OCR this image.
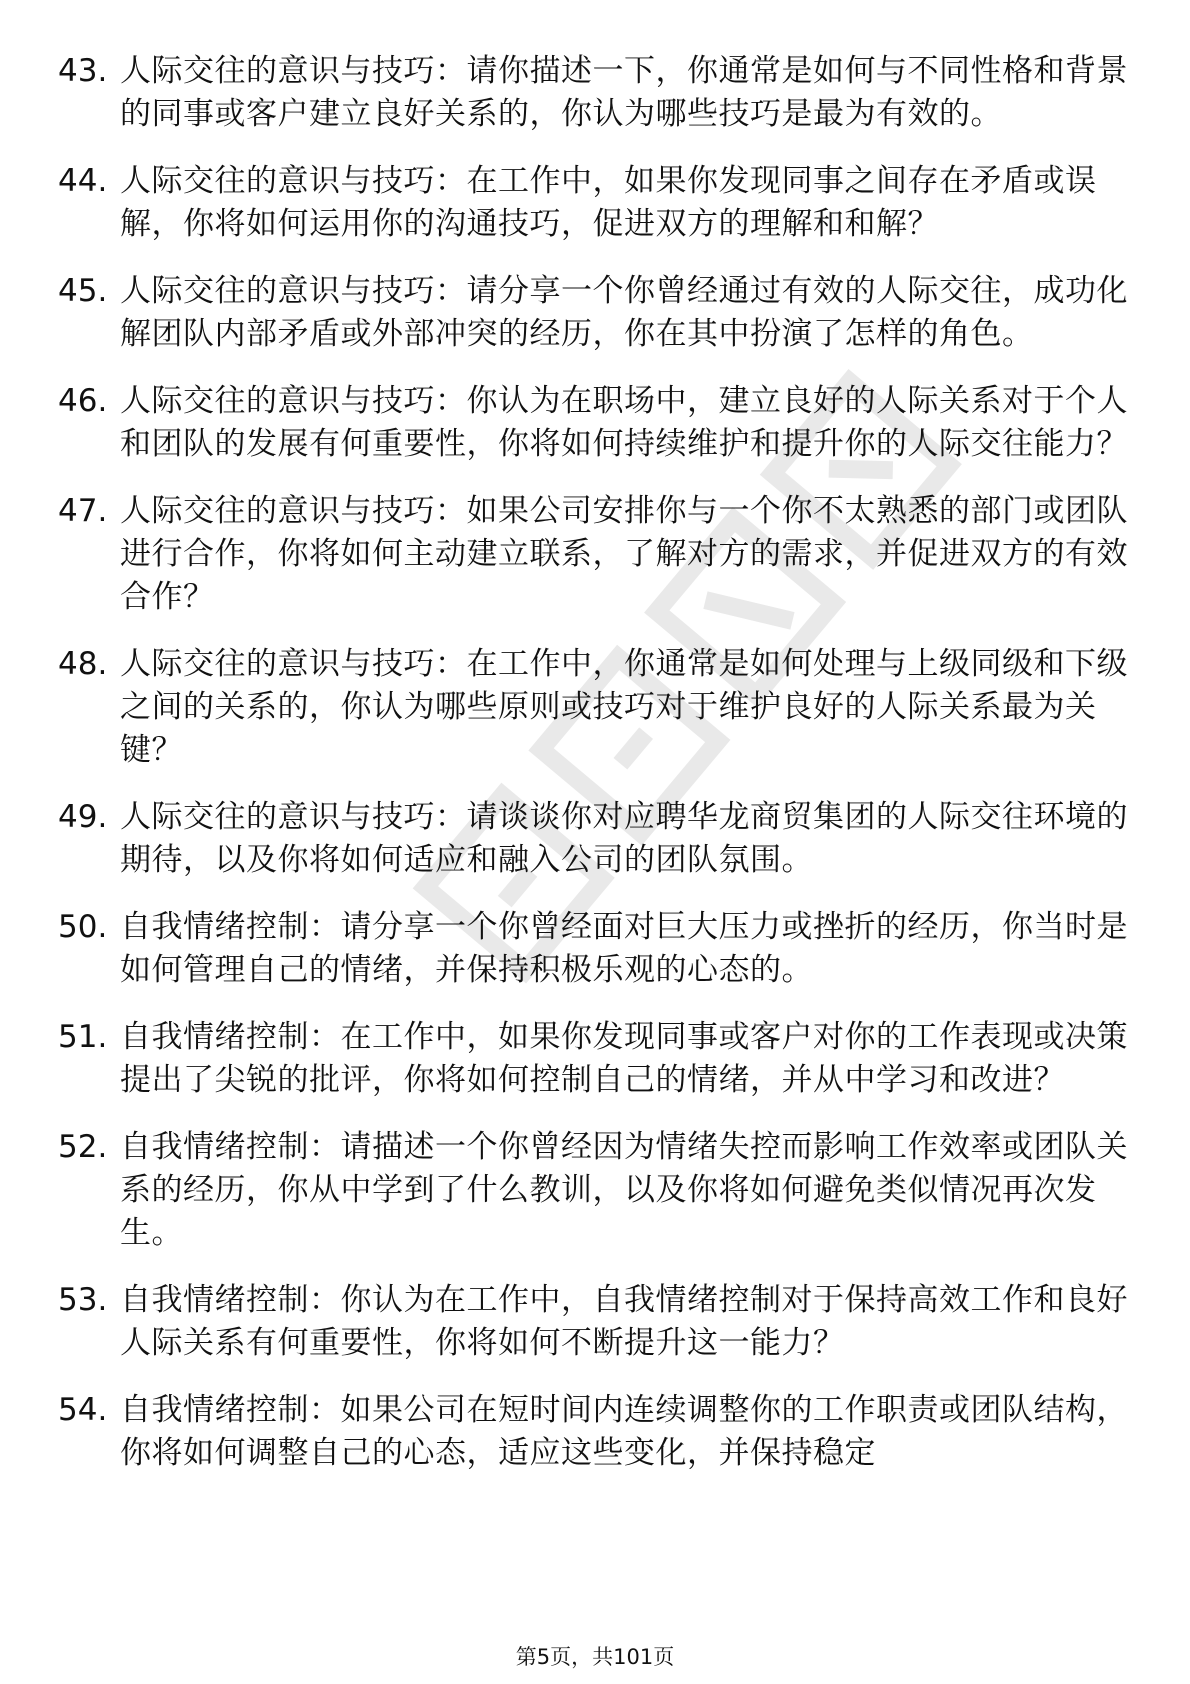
43. 人际交往的意识与技巧：请你描述一下，你通常是如何与不同性格和背景的同事或客户建立良好关系的，你认为哪些技巧是最为有效的。
44. 人际交往的意识与技巧：在工作中，如果你发现同事之间存在矛盾或误解，你将如何运用你的沟通技巧，促进双方的理解和和解？
45. 人际交往的意识与技巧：请分享一个你曾经通过有效的人际交往，成功化解团队内部矛盾或外部冲突的经历，你在其中扮演了怎样的角色。
46. 人际交往的意识与技巧：你认为在职场中，建立良好的人际关系对于个人和团队的发展有何重要性，你将如何持续维护和提升你的人际交往能力？
47. 人际交往的意识与技巧：如果公司安排你与一个你不太熟悉的部门或团队进行合作，你将如何主动建立联系，了解对方的需求，并促进双方的有效合作？
48. 人际交往的意识与技巧：在工作中，你通常是如何处理与上级同级和下级之间的关系的，你认为哪些原则或技巧对于维护良好的人际关系最为关键？
49. 人际交往的意识与技巧：请谈谈你对应聘华龙商贸集团的人际交往环境的期待，以及你将如何适应和融入公司的团队氛围。
50. 自我情绪控制：请分享一个你曾经面对巨大压力或挫折的经历，你当时是如何管理自己的情绪，并保持积极乐观的心态的。
51. 自我情绪控制：在工作中，如果你发现同事或客户对你的工作表现或决策提出了尖锐的批评，你将如何控制自己的情绪，并从中学习和改进？
52. 自我情绪控制：请描述一个你曾经因为情绪失控而影响工作效率或团队关系的经历，你从中学到了什么教训，以及你将如何避免类似情况再次发生。
53. 自我情绪控制：你认为在工作中，自我情绪控制对于保持高效工作和良好人际关系有何重要性，你将如何不断提升这一能力？
54. 自我情绪控制：如果公司在短时间内连续调整你的工作职责或团队结构，你将如何调整自己的心态，适应这些变化，并保持稳定
第5页，共101页
